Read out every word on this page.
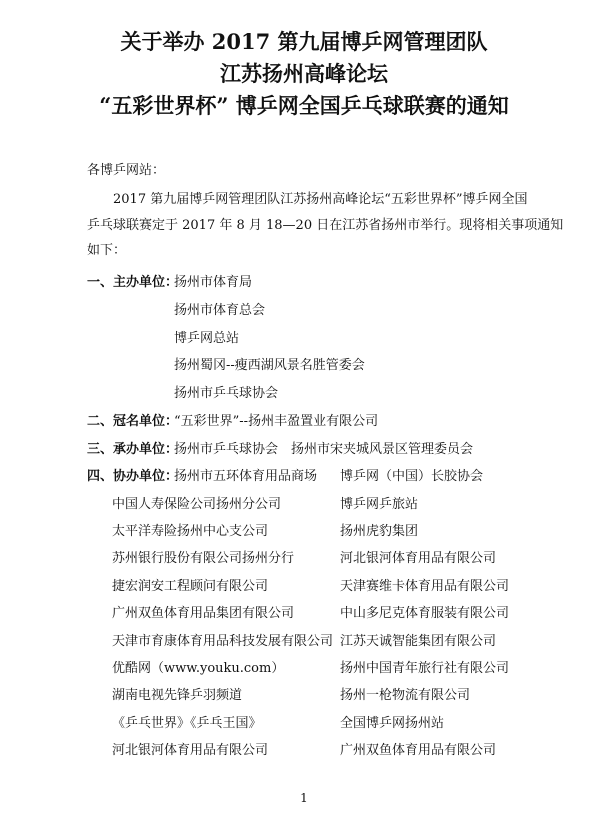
关于举办 2017 第九届博乒网管理团队
江苏扬州高峰论坛
“五彩世界杯” 博乒网全国乒乓球联赛的通知
各博乒网站：
2017 第九届博乒网管理团队江苏扬州高峰论坛“五彩世界杯”博乒网全国
乒乓球联赛定于 2017 年 8 月 18—20 日在江苏省扬州市举行。现将相关事项通知
如下：
一、主办单位：
扬州市体育局
扬州市体育总会
博乒网总站
扬州蜀冈--瘦西湖风景名胜管委会
扬州市乒乓球协会
二、冠名单位：
“五彩世界”--扬州丰盈置业有限公司
三、承办单位：
扬州市乒乓球协会　扬州市宋夹城风景区管理委员会
四、协办单位：
扬州市五环体育用品商场 博乒网（中国）长胶协会
中国人寿保险公司扬州分公司	博乒网乒旅站
太平洋寿险扬州中心支公司	扬州虎豹集团
苏州银行股份有限公司扬州分行	河北银河体育用品有限公司
捷宏润安工程顾问有限公司	天津赛维卡体育用品有限公司
广州双鱼体育用品集团有限公司	中山多尼克体育服装有限公司
天津市育康体育用品科技发展有限公司 江苏天诚智能集团有限公司
优酷网（www.youku.com）	扬州中国青年旅行社有限公司
湖南电视先锋乒羽频道	扬州一枪物流有限公司
《乒乓世界》《乒乓王国》	全国博乒网扬州站
河北银河体育用品有限公司	广州双鱼体育用品有限公司
1
